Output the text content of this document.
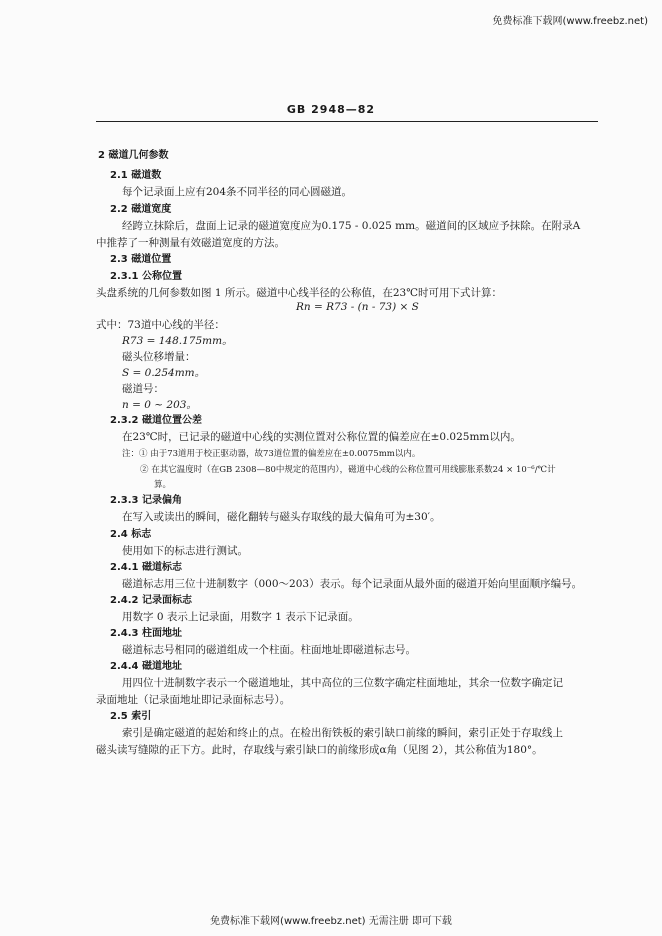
免费标准下载网(www.freebz.net)
GB 2948—82
2 磁道几何参数
2.1 磁道数
每个记录面上应有204条不同半径的同心圆磁道。
2.2 磁道宽度
经跨立抹除后，盘面上记录的磁道宽度应为0.175 - 0.025 mm。磁道间的区域应予抹除。在附录A
中推荐了一种测量有效磁道宽度的方法。
2.3 磁道位置
2.3.1 公称位置
头盘系统的几何参数如图 1 所示。磁道中心线半径的公称值，在23℃时可用下式计算：
Rn = R73 - (n - 73) × S
式中：73道中心线的半径：
R73 = 148.175mm。
磁头位移增量：
S = 0.254mm。
磁道号：
n = 0 ~ 203。
2.3.2 磁道位置公差
在23℃时，已记录的磁道中心线的实测位置对公称位置的偏差应在±0.025mm以内。
注：① 由于73道用于校正驱动器，故73道位置的偏差应在±0.0075mm以内。
② 在其它温度时（在GB 2308—80中规定的范围内），磁道中心线的公称位置可用线膨胀系数24 × 10⁻⁶/℃计
算。
2.3.3 记录偏角
在写入或读出的瞬间，磁化翻转与磁头存取线的最大偏角可为±30′。
2.4 标志
使用如下的标志进行测试。
2.4.1 磁道标志
磁道标志用三位十进制数字（000～203）表示。每个记录面从最外面的磁道开始向里面顺序编号。
2.4.2 记录面标志
用数字 0 表示上记录面，用数字 1 表示下记录面。
2.4.3 柱面地址
磁道标志号相同的磁道组成一个柱面。柱面地址即磁道标志号。
2.4.4 磁道地址
用四位十进制数字表示一个磁道地址，其中高位的三位数字确定柱面地址，其余一位数字确定记
录面地址（记录面地址即记录面标志号）。
2.5 索引
索引是确定磁道的起始和终止的点。在检出衔铁板的索引缺口前缘的瞬间，索引正处于存取线上
磁头读写缝隙的正下方。此时，存取线与索引缺口的前缘形成α角（见图 2），其公称值为180°。
免费标准下载网(www.freebz.net) 无需注册 即可下载
